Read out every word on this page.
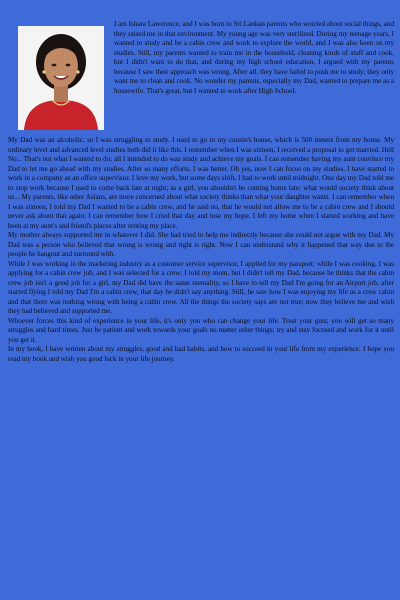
I am Ishara Lawerence, and I was born to Sri Lankan parents who worried about social things, and they raised me in that environment. My young age was very sterilized. During my teenage years, I wanted to study and be a cabin crew and work to explore the world, and I was also keen on my studies. Still, my parents wanted to train me in the household, cleaning kinds of stuff and cook, but I didn't want to do that, and during my high school education, I argued with my parents because I saw their approach was wrong. After all, they have failed to push me to study; they only want me to clean and cook. No wonder my parents, especially my Dad, wanted to prepare me as a housewife. That's great, but I wanted to work after High School.

My Dad was an alcoholic, so I was struggling to study. I used to go to my cousin's house, which is 500 meters from my house. My ordinary level and advanced level studies both did it like this. I remember when I was sixteen, I received a proposal to get married. Hell No... That's not what I wanted to do; all I intended to do was study and achieve my goals. I can remember having my aunt convince my Dad to let me go ahead with my studies. After so many efforts, I was better. Oh yes, now I can focus on my studies. I have started to work in a company as an office supervisor. I love my work, but some days shift, I had to work until midnight. One day my Dad told me to stop work because I used to come back late at night; as a girl, you shouldn't be coming home late; what would society think about us... My parents, like other Asians, are more concerned about what society thinks than what your daughter wants. I can remember when I was sixteen, I told my Dad I wanted to be a cabin crew, and he said no, that he would not allow me to be a cabin crew and I should never ask about that again; I can remember how I cried that day and lose my hope. I left my home when I started working and have been at my aunt's and friend's places after renting my place.

My mother always supported me in whatever I did. She had tried to help me indirectly because she could not argue with my Dad. My Dad was a person who believed that wrong is wrong and right is right. Now I can understand why it happened that way due to the people he hangout and surround with.

While I was working in the marketing industry as a customer service supervisor, I applied for my passport; while I was cooking, I was applying for a cabin crew job, and I was selected for a crew; I told my mom, but I didn't tell my Dad, because he thinks that the cabin crew job isn't a good job for a girl, my Dad did have the same mentality, so I have to tell my Dad I'm going for an Airport job, after started flying I told my Dad I'm a cabin crew, that day he didn't say anything. Still, he saw how I was enjoying my life as a crew cabin and that there was nothing wrong with being a cabin crew. All the things the society says are not true; now they believe me and wish they had believed and supported me.

Whoever forces this kind of experience in your life, it's only you who can change your life. Trust your guts; you will get so many struggles and hard times. Just be patient and work towards your goals no matter other things; try and stay focused and work for it until you get it.

In my book, I have written about my struggles, good and bad habits, and how to succeed in your life from my experience. I hope you read my book and wish you good luck in your life journey.
